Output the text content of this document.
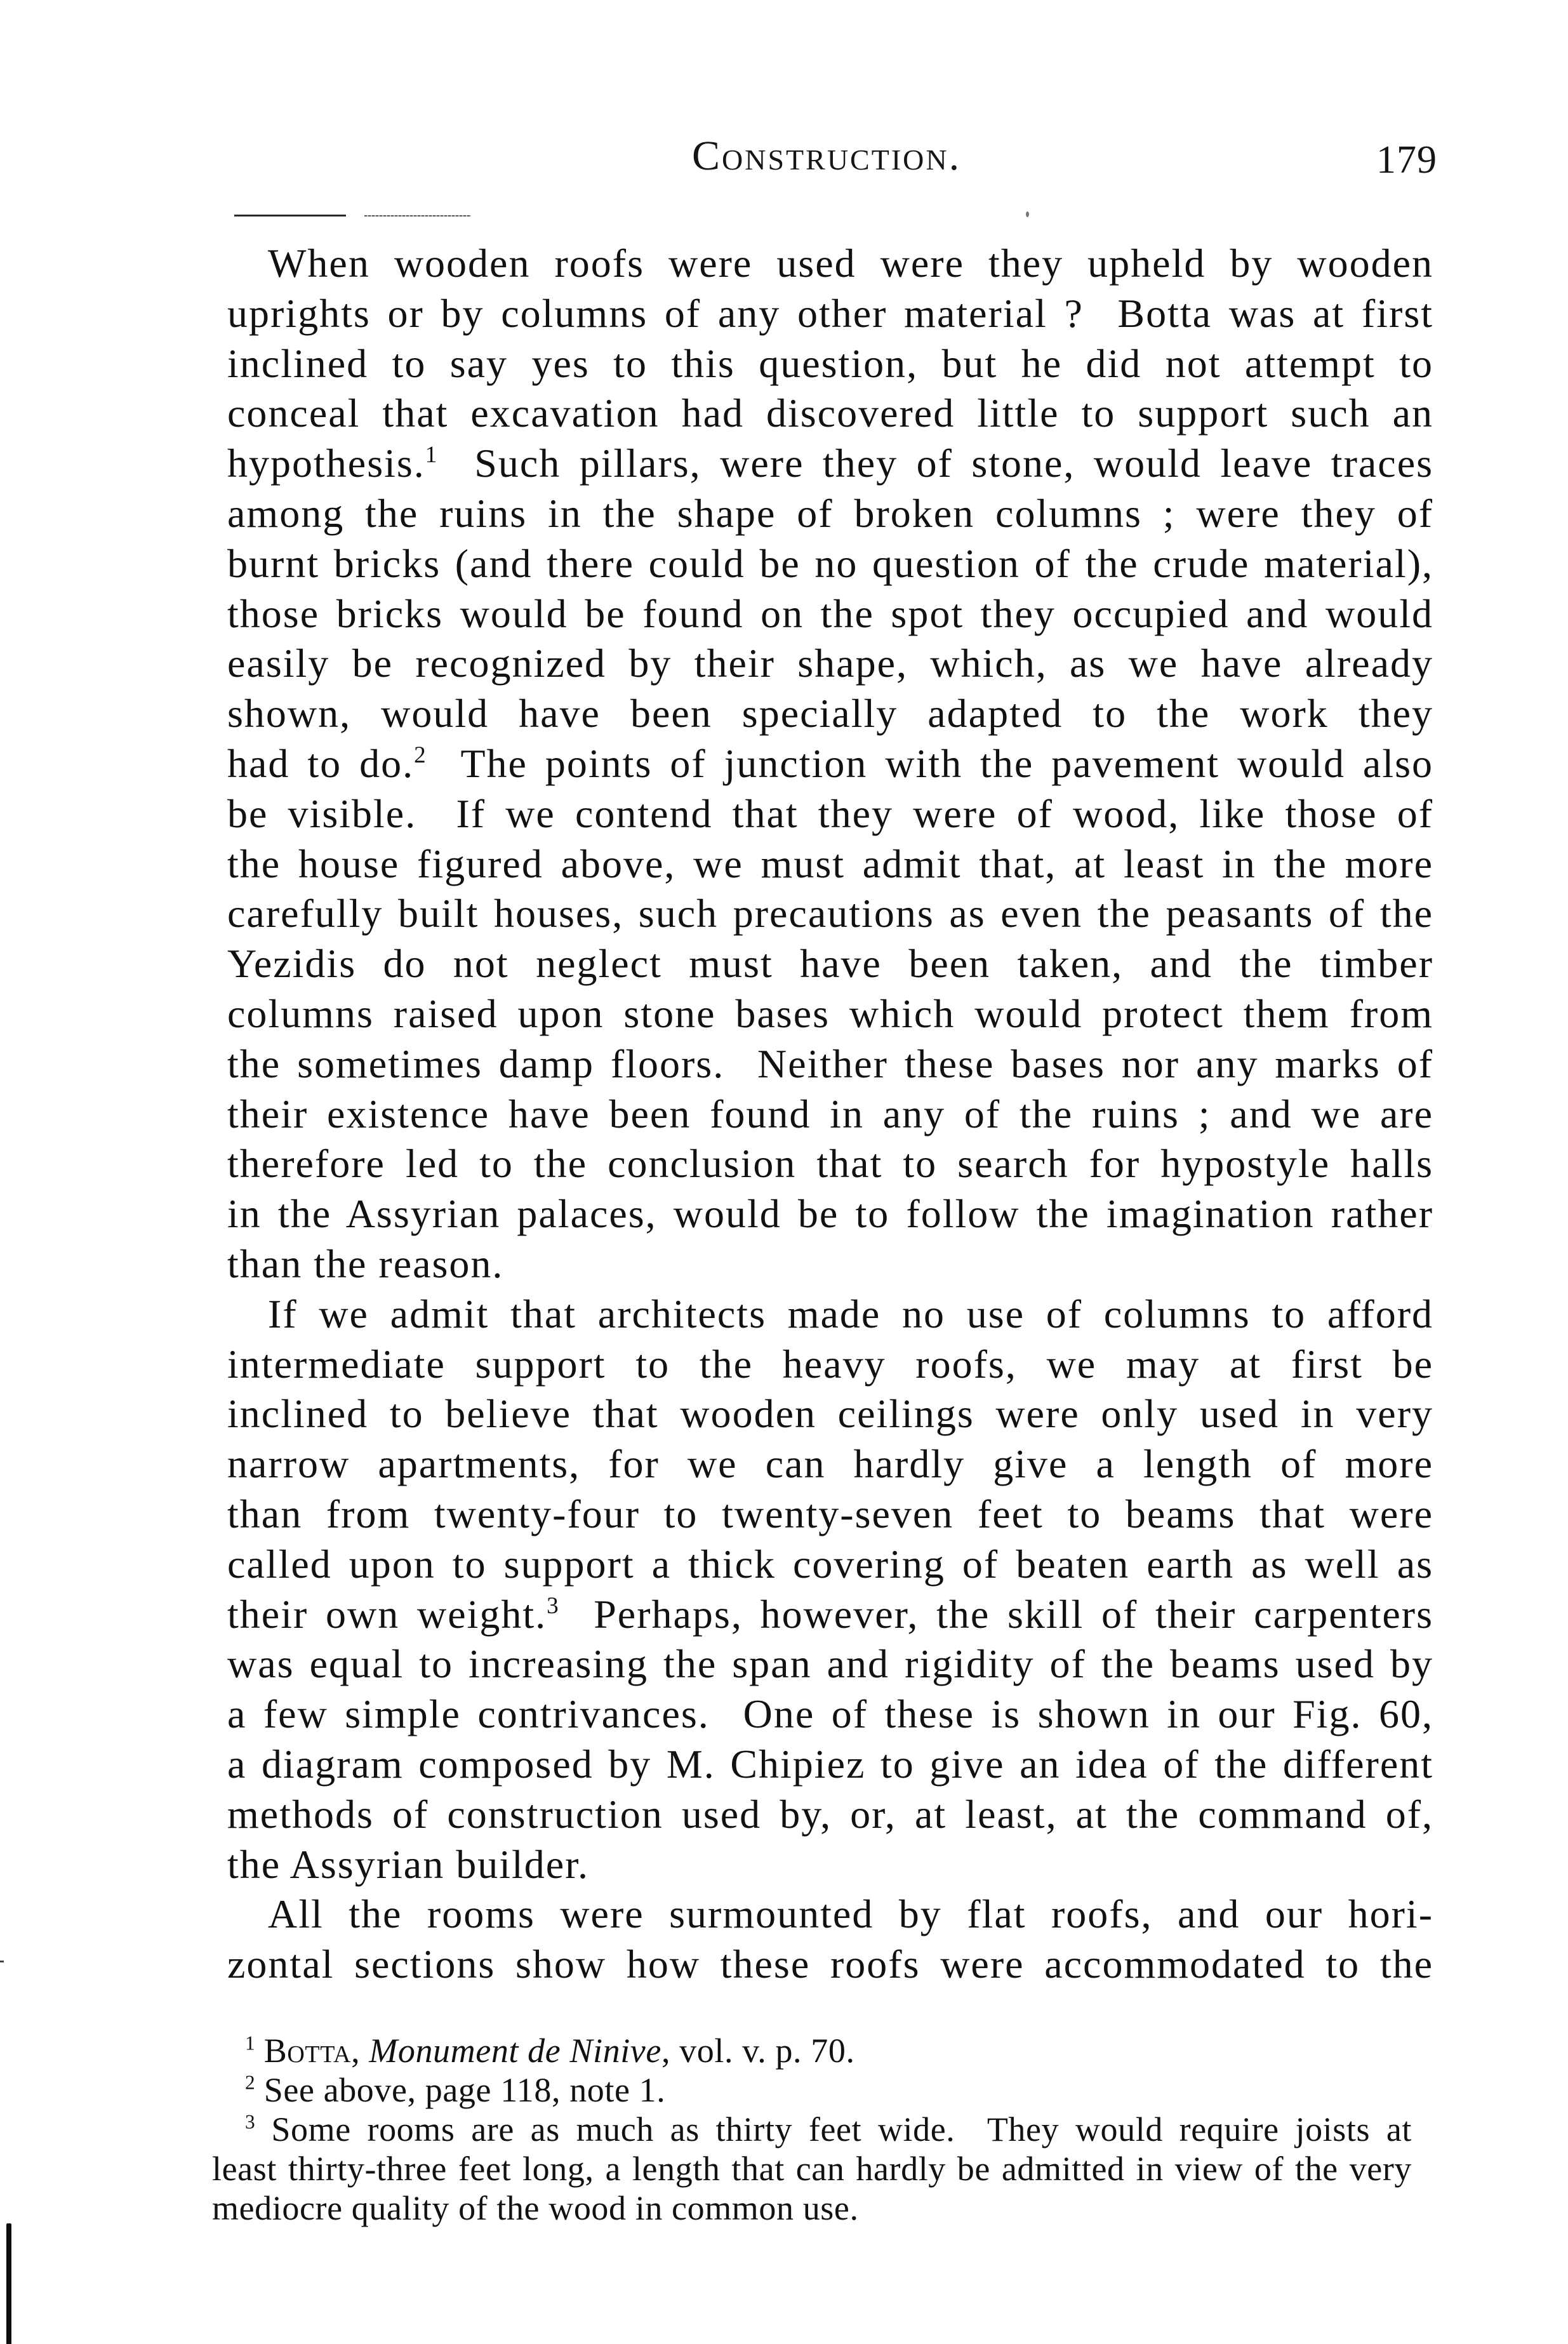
Construction.	179
When wooden roofs were used were they upheld by wooden
uprights or by columns of any other material ?  Botta was at first
inclined to say yes to this question, but he did not attempt to
conceal that excavation had discovered little to support such an
hypothesis.$^1$  Such pillars, were they of stone, would leave traces
among the ruins in the shape of broken columns ; were they of
burnt bricks (and there could be no question of the crude material),
those bricks would be found on the spot they occupied and would
easily be recognized by their shape, which, as we have already
shown, would have been specially adapted to the work they
had to do.$^2$  The points of junction with the pavement would also
be visible.  If we contend that they were of wood, like those of
the house figured above, we must admit that, at least in the more
carefully built houses, such precautions as even the peasants of the
Yezidis do not neglect must have been taken, and the timber
columns raised upon stone bases which would protect them from
the sometimes damp floors.  Neither these bases nor any marks of
their existence have been found in any of the ruins ; and we are
therefore led to the conclusion that to search for hypostyle halls
in the Assyrian palaces, would be to follow the imagination rather
than the reason.
If we admit that architects made no use of columns to afford
intermediate support to the heavy roofs, we may at first be
inclined to believe that wooden ceilings were only used in very
narrow apartments, for we can hardly give a length of more
than from twenty-four to twenty-seven feet to beams that were
called upon to support a thick covering of beaten earth as well as
their own weight.$^3$  Perhaps, however, the skill of their carpenters
was equal to increasing the span and rigidity of the beams used by
a few simple contrivances.  One of these is shown in our Fig. 60,
a diagram composed by M. Chipiez to give an idea of the different
methods of construction used by, or, at least, at the command of,
the Assyrian builder.
All the rooms were surmounted by flat roofs, and our hori-
zontal sections show how these roofs were accommodated to the
$^1$ Botta, Monument de Ninive, vol. v. p. 70.
$^2$ See above, page 118, note 1.
$^3$ Some rooms are as much as thirty feet wide.  They would require joists at
least thirty-three feet long, a length that can hardly be admitted in view of the very
mediocre quality of the wood in common use.
